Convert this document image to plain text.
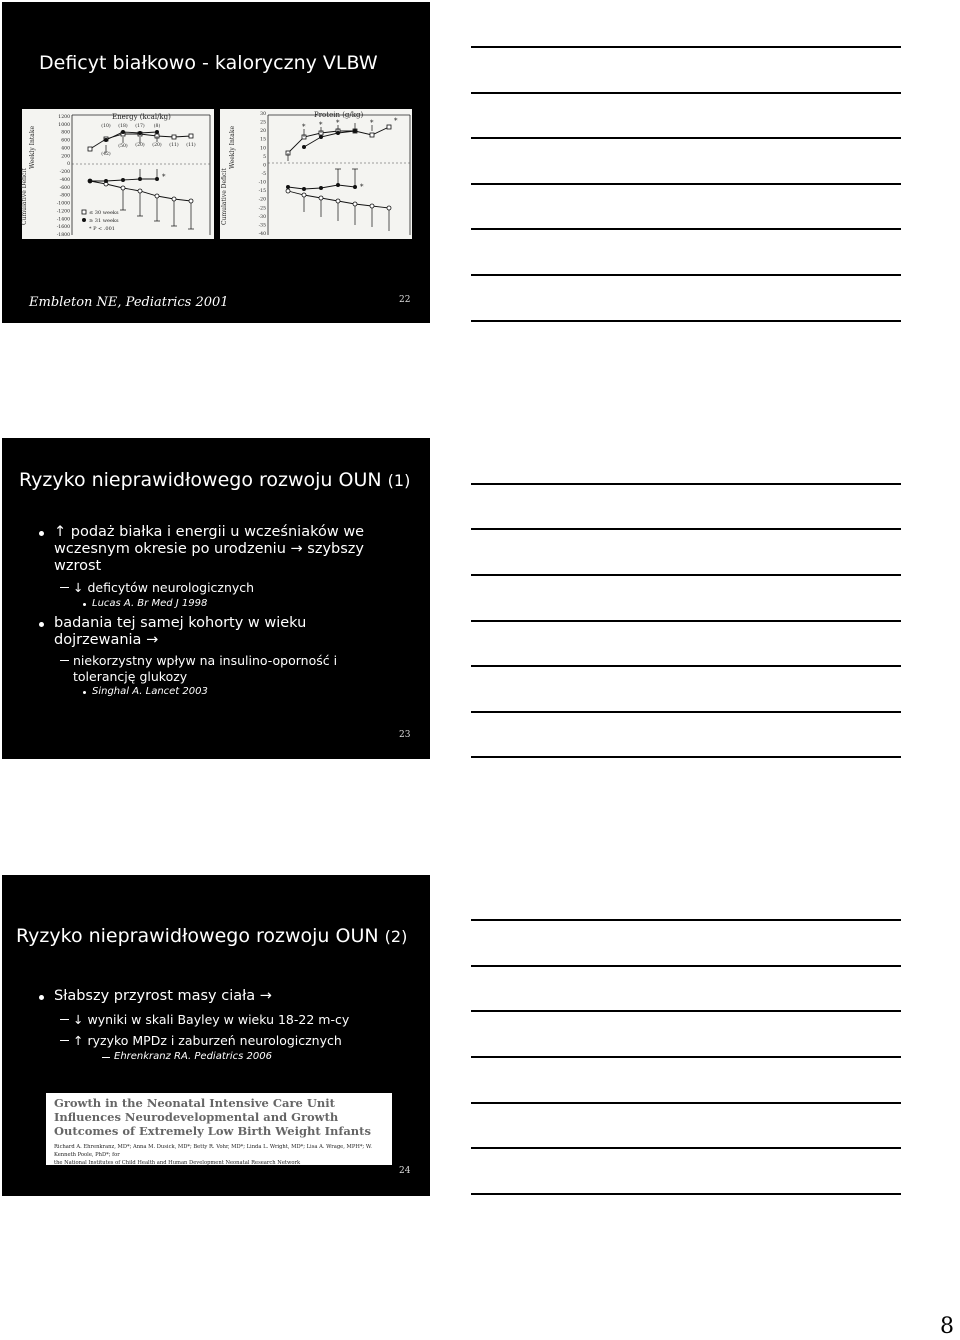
Deficyt białkowo - kaloryczny VLBW
Cumulative Deficit
Weekly Intake
1200
1000
800
600
400
200
0
-200
-400
-600
-800
-1000
-1200
-1400
-1600
-1800
Energy (kcal/kg)
(10) (18) (17) (8)
(42)
(50) (20) (20) (11) (11)
*
≤ 30 weeks
≥ 31 weeks
* P < .001
Cumulative Deficit
Weekly Intake
30
25
20
15
10
5
0
-5
-10
-15
-20
-25
-30
-35
-40
Protein (g/kg)
* * *	*	*
*
Embleton NE, Pediatrics 2001	22
Ryzyko nieprawidłowego rozwoju OUN (1)
↑ podaż białka i energii u wcześniaków we
wczesnym okresie po urodzeniu → szybszy
wzrost
↓ deficytów neurologicznych
Lucas A. Br Med J 1998
badania tej samej kohorty w wieku
dojrzewania →
niekorzystny wpływ na insulino-oporność i
tolerancję glukozy
Singhal A. Lancet 2003
23
Ryzyko nieprawidłowego rozwoju OUN (2)
Słabszy przyrost masy ciała →
↓ wyniki w skali Bayley w wieku 18-22 m-cy
↑ ryzyko MPDz i zaburzeń neurologicznych
Ehrenkranz RA. Pediatrics 2006
Growth in the Neonatal Intensive Care Unit
Influences Neurodevelopmental and Growth
Outcomes of Extremely Low Birth Weight Infants
Richard A. Ehrenkranz, MD*; Anna M. Dusick, MD*; Betty R. Vohr, MD*; Linda L. Wright, MD*; Lisa A. Wrage, MPH*; W. Kenneth Poole, PhD*; for
the National Institutes of Child Health and Human Development Neonatal Research Network
24
8
